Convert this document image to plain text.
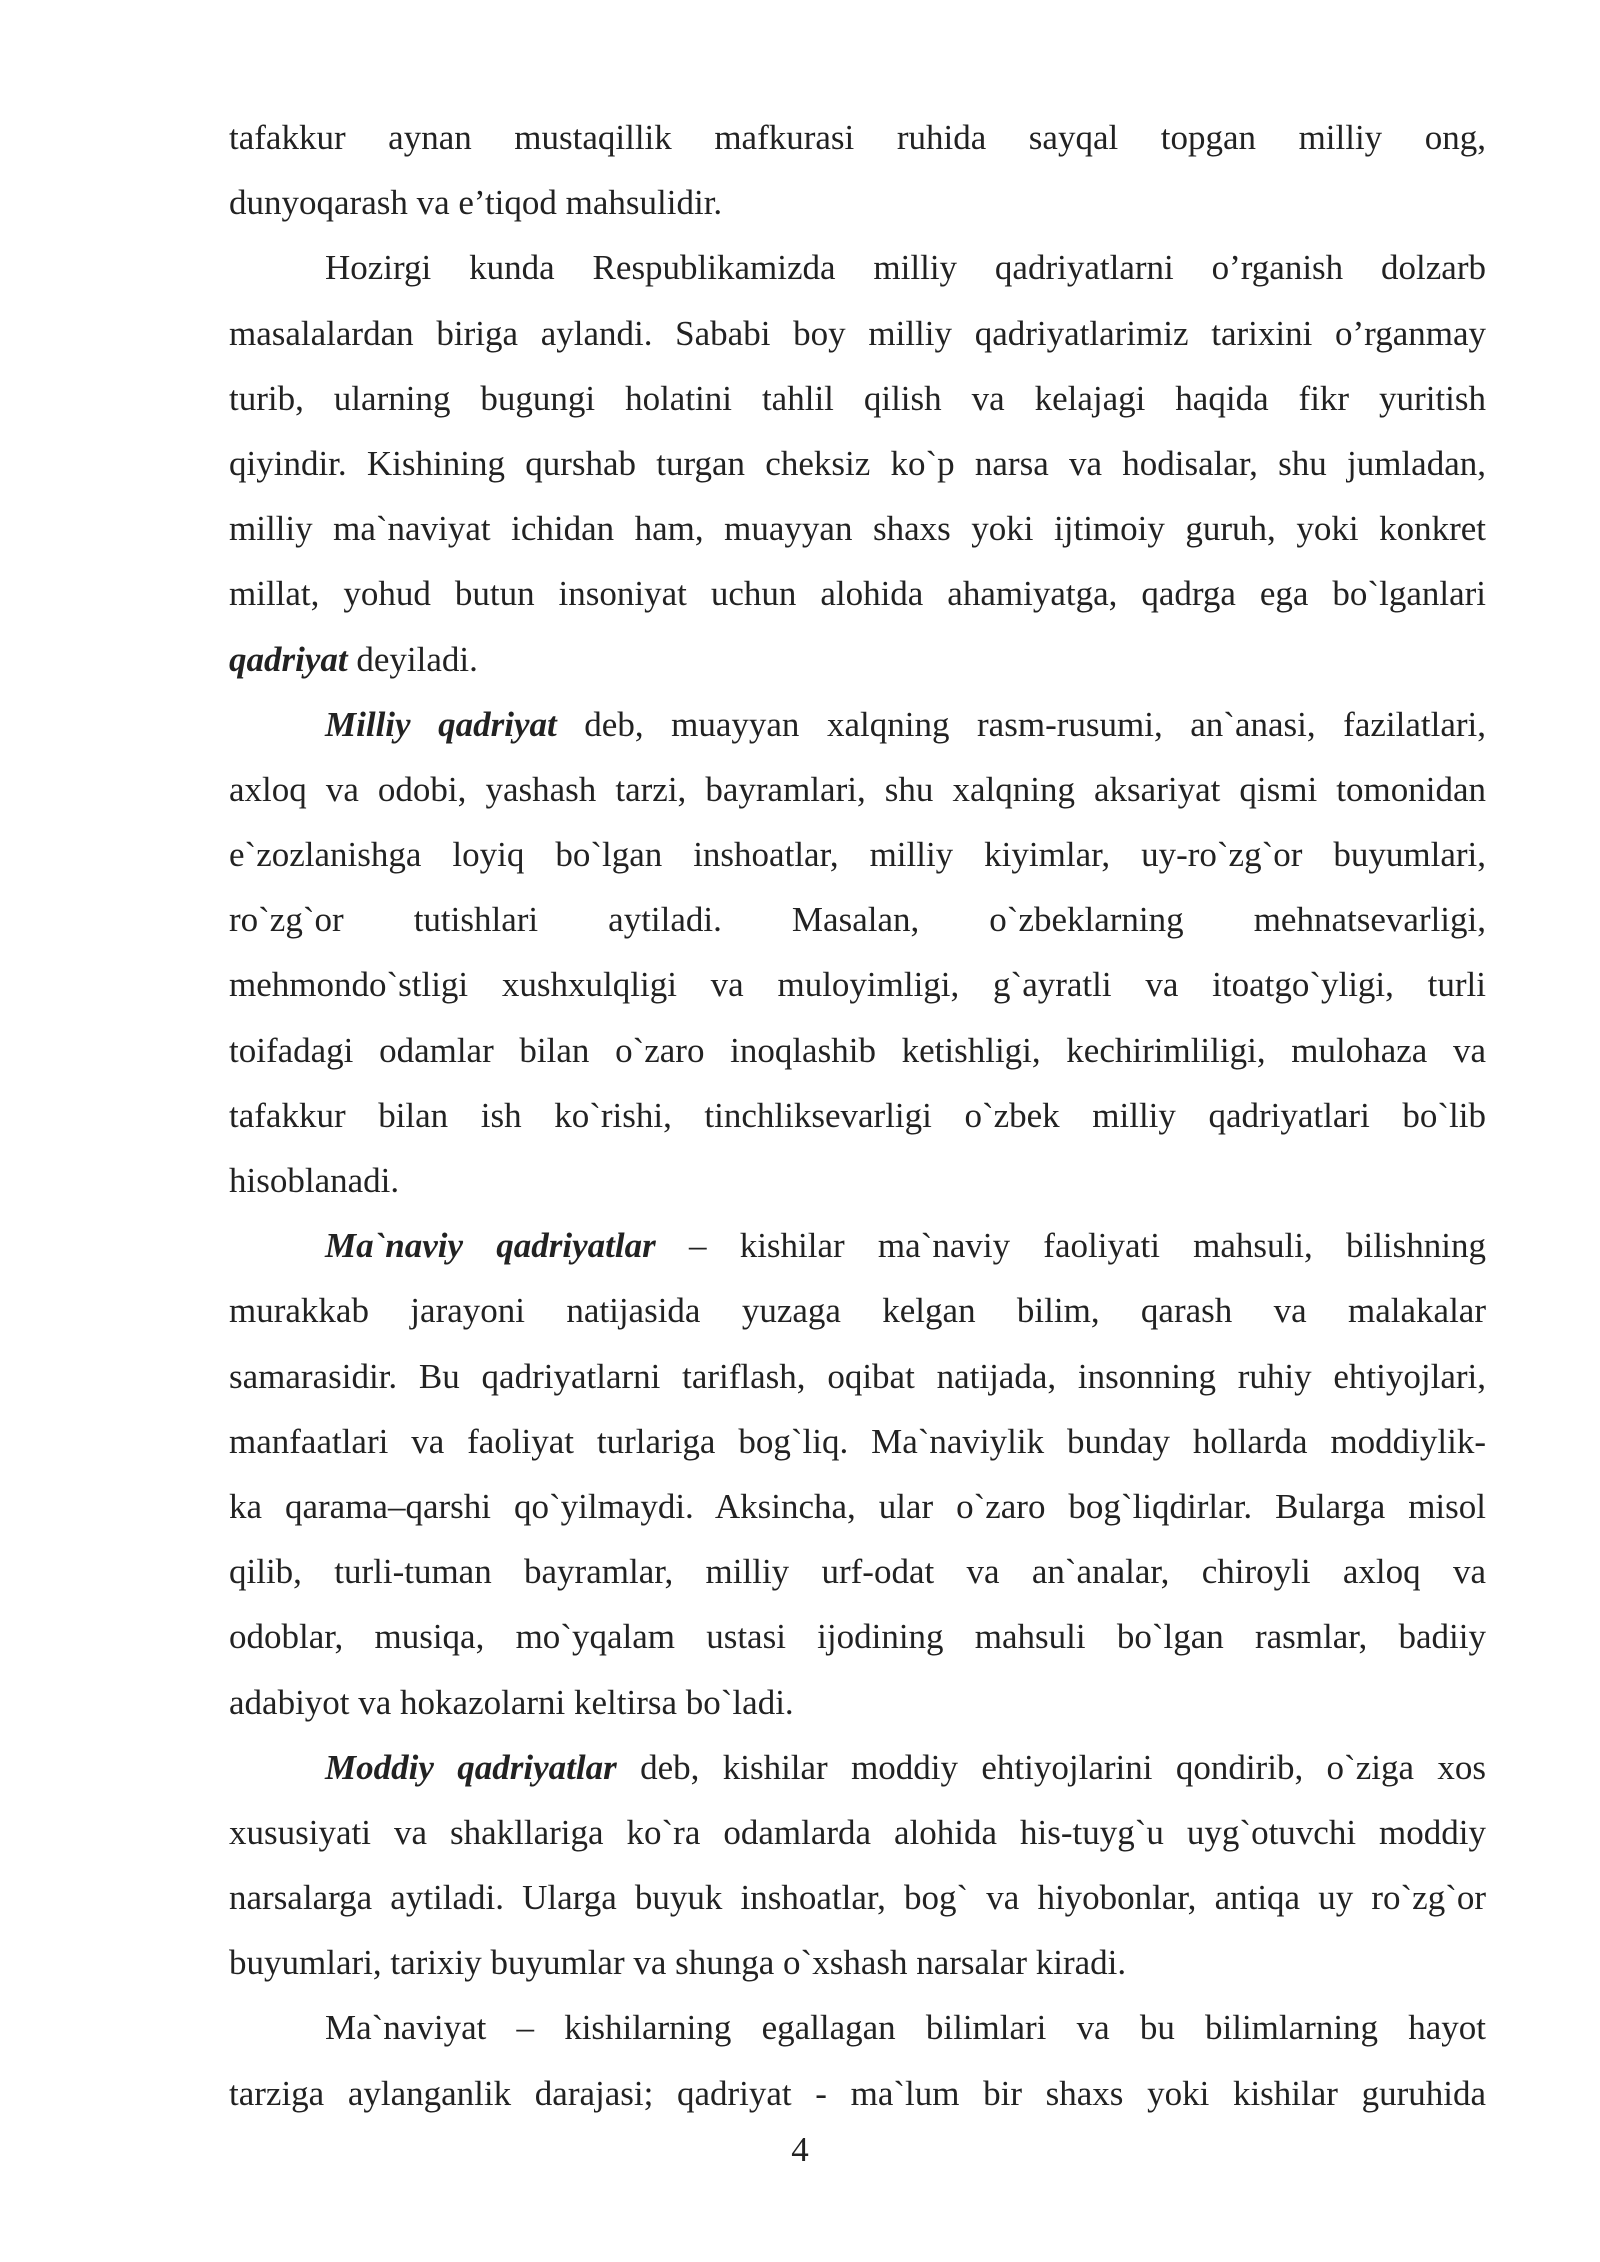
tafakkur aynan mustaqillik mafkurasi ruhida sayqal topgan milliy ong,
dunyoqarash va e’tiqod mahsulidir.
Hozirgi kunda Respublikamizda milliy qadriyatlarni o’rganish dolzarb
masalalardan biriga aylandi. Sababi boy milliy qadriyatlarimiz tarixini o’rganmay
turib, ularning bugungi holatini tahlil qilish va kelajagi haqida fikr yuritish
qiyindir. Kishining qurshab turgan cheksiz ko`p narsa va hodisalar, shu jumladan,
milliy ma`naviyat ichidan ham, muayyan shaxs yoki ijtimoiy guruh, yoki konkret
millat, yohud butun insoniyat uchun alohida ahamiyatga, qadrga ega bo`lganlari
qadriyat deyiladi.
Milliy qadriyat deb, muayyan xalqning rasm-rusumi, an`anasi, fazilatlari,
axloq va odobi, yashash tarzi, bayramlari, shu xalqning aksariyat qismi tomonidan
e`zozlanishga loyiq bo`lgan inshoatlar, milliy kiyimlar, uy-ro`zg`or buyumlari,
ro`zg`or tutishlari aytiladi. Masalan, o`zbeklarning mehnatsevarligi,
mehmondo`stligi xushxulqligi va muloyimligi, g`ayratli va itoatgo`yligi, turli
toifadagi odamlar bilan o`zaro inoqlashib ketishligi, kechirimliligi, mulohaza va
tafakkur bilan ish ko`rishi, tinchliksevarligi o`zbek milliy qadriyatlari bo`lib
hisoblanadi.
Ma`naviy qadriyatlar – kishilar ma`naviy faoliyati mahsuli, bilishning
murakkab jarayoni natijasida yuzaga kelgan bilim, qarash va malakalar
samarasidir. Bu qadriyatlarni tariflash, oqibat natijada, insonning ruhiy ehtiyojlari,
manfaatlari va faoliyat turlariga bog`liq. Ma`naviylik bunday hollarda moddiylik-
ka qarama–qarshi qo`yilmaydi. Aksincha, ular o`zaro bog`liqdirlar. Bularga misol
qilib, turli-tuman bayramlar, milliy urf-odat va an`analar, chiroyli axloq va
odoblar, musiqa, mo`yqalam ustasi ijodining mahsuli bo`lgan rasmlar, badiiy
adabiyot va hokazolarni keltirsa bo`ladi.
Moddiy qadriyatlar deb, kishilar moddiy ehtiyojlarini qondirib, o`ziga xos
xususiyati va shakllariga ko`ra odamlarda alohida his-tuyg`u uyg`otuvchi moddiy
narsalarga aytiladi. Ularga buyuk inshoatlar, bog` va hiyobonlar, antiqa uy ro`zg`or
buyumlari, tarixiy buyumlar va shunga o`xshash narsalar kiradi.
Ma`naviyat – kishilarning egallagan bilimlari va bu bilimlarning hayot
tarziga aylanganlik darajasi; qadriyat - ma`lum bir shaxs yoki kishilar guruhida
4
